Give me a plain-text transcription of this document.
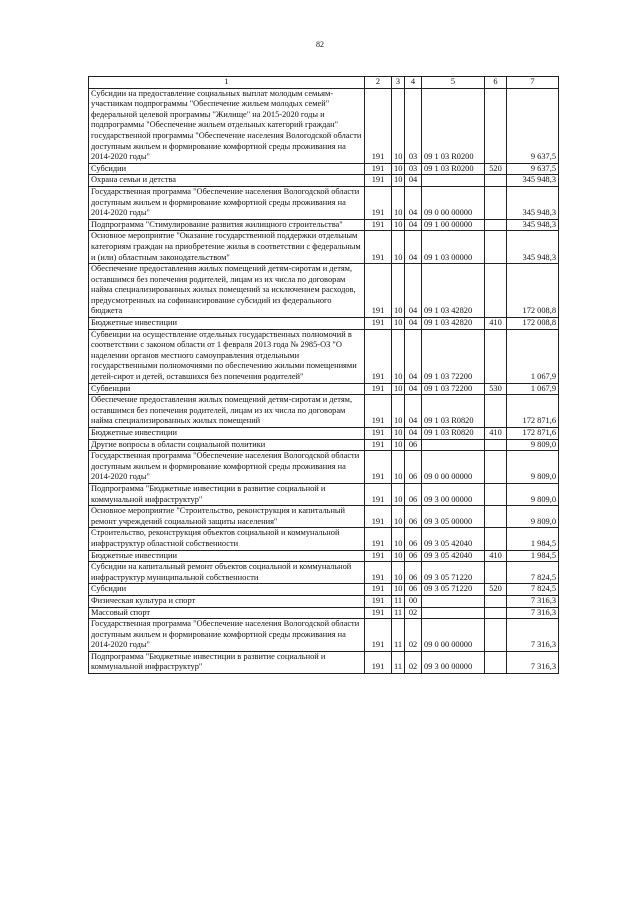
82
1	2	3	4	5	6	7
Субсидии на предоставление социальных выплат молодым семьям-участникам подпрограммы "Обеспечение жильем молодых семей" федеральной целевой программы "Жилище" на 2015-2020 годы и подпрограммы "Обеспечение жильем отдельных категорий граждан" государственной программы "Обеспечение населения Вологодской области доступным жильем и формирование комфортной среды проживания на 2014-2020 годы"	191	10	03	09 1 03 R0200		9 637,5
Субсидии	191	10	03	09 1 03 R0200	520	9 637,5
Охрана семьи и детства	191	10	04			345 948,3
Государственная программа "Обеспечение населения Вологодской области доступным жильем и формирование комфортной среды проживания на 2014-2020 годы"	191	10	04	09 0 00 00000		345 948,3
Подпрограмма "Стимулирование развития жилищного строительства"	191	10	04	09 1 00 00000		345 948,3
Основное мероприятие "Оказание государственной поддержки отдельным категориям граждан на приобретение жилья в соответствии с федеральным и (или) областным законодательством"	191	10	04	09 1 03 00000		345 948,3
Обеспечение предоставления жилых помещений детям-сиротам и детям, оставшимся без попечения родителей, лицам из их числа по договорам найма специализированных жилых помещений за исключением расходов, предусмотренных на софинансирование субсидий из федерального бюджета	191	10	04	09 1 03 42820		172 008,8
Бюджетные инвестиции	191	10	04	09 1 03 42820	410	172 008,8
Субвенции на осуществление отдельных государственных полномочий в соответствии с законом области от 1 февраля 2013 года № 2985-ОЗ "О наделении органов местного самоуправления отдельными государственными полномочиями по обеспечению жилыми помещениями детей-сирот и детей, оставшихся без попечения родителей"	191	10	04	09 1 03 72200		1 067,9
Субвенции	191	10	04	09 1 03 72200	530	1 067,9
Обеспечение предоставления жилых помещений детям-сиротам и детям, оставшимся без попечения родителей, лицам из их числа по договорам найма специализированных жилых помещений	191	10	04	09 1 03 R0820		172 871,6
Бюджетные инвестиции	191	10	04	09 1 03 R0820	410	172 871,6
Другие вопросы в области социальной политики	191	10	06			9 809,0
Государственная программа "Обеспечение населения Вологодской области доступным жильем и формирование комфортной среды проживания на 2014-2020 годы"	191	10	06	09 0 00 00000		9 809,0
Подпрограмма "Бюджетные инвестиции в развитие социальной и коммунальной инфраструктур"	191	10	06	09 3 00 00000		9 809,0
Основное мероприятие "Строительство, реконструкция и капитальный ремонт учреждений социальной защиты населения"	191	10	06	09 3 05 00000		9 809,0
Строительство, реконструкция объектов социальной и коммунальной инфраструктур областной собственности	191	10	06	09 3 05 42040		1 984,5
Бюджетные инвестиции	191	10	06	09 3 05 42040	410	1 984,5
Субсидии на капитальный ремонт объектов социальной и коммунальной инфраструктур муниципальной собственности	191	10	06	09 3 05 71220		7 824,5
Субсидии	191	10	06	09 3 05 71220	520	7 824,5
Физическая культура и спорт	191	11	00			7 316,3
Массовый спорт	191	11	02			7 316,3
Государственная программа "Обеспечение населения Вологодской области доступным жильем и формирование комфортной среды проживания на 2014-2020 годы"	191	11	02	09 0 00 00000		7 316,3
Подпрограмма "Бюджетные инвестиции в развитие социальной и коммунальной инфраструктур"	191	11	02	09 3 00 00000		7 316,3
